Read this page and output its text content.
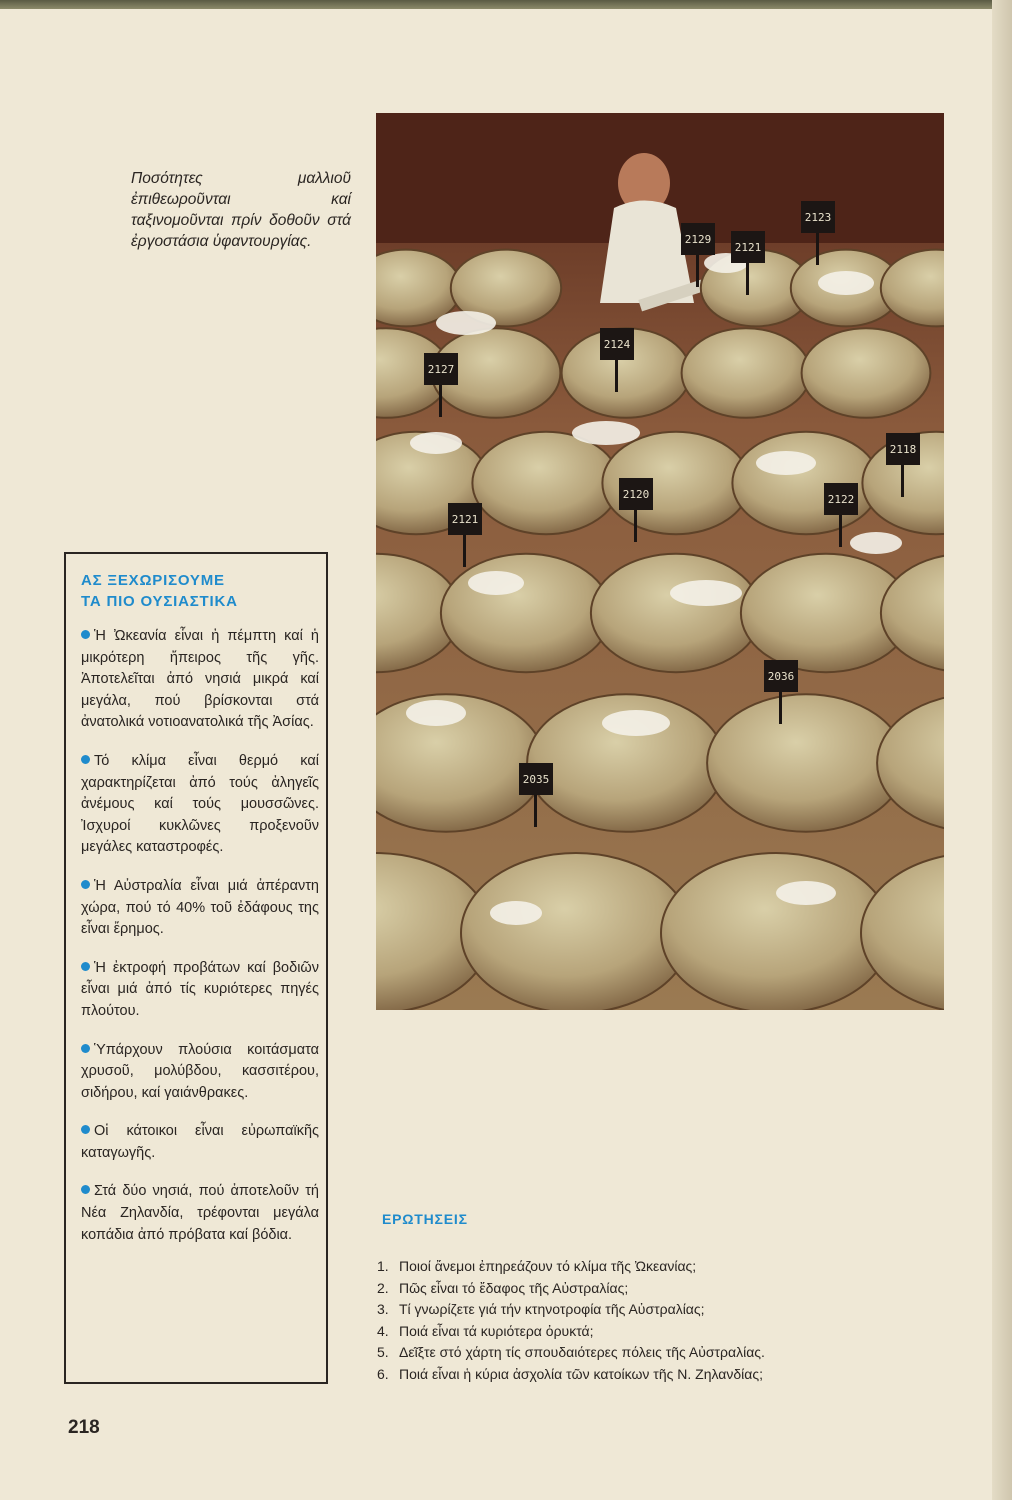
Ποσότητες μαλλιοῦ ἐπιθεωροῦνται καί ταξινομοῦνται πρίν δοθοῦν στά ἐργοστάσια ὑφαντουργίας.

2123
2121
2129
2124
2127
2118
2120
2121
2122
2036
2035
ΑΣ ΞΕΧΩΡΙΣΟΥΜΕ
ΤΑ ΠΙΟ ΟΥΣΙΑΣΤΙΚΑ
Ἡ Ὠκεανία εἶναι ἡ πέμπτη καί ἡ μικρότερη ἤπειρος τῆς γῆς. Ἀποτελεῖται ἀπό νησιά μικρά καί μεγάλα, πού βρίσκονται στά ἀνατολικά νοτιοανατολικά τῆς Ἀσίας.
Τό κλίμα εἶναι θερμό καί χαρακτηρίζεται ἀπό τούς ἀληγεῖς ἀνέμους καί τούς μουσσῶνες. Ἰσχυροί κυκλῶνες προξενοῦν μεγάλες καταστροφές.
Ἡ Αὐστραλία εἶναι μιά ἀπέραντη χώρα, πού τό 40% τοῦ ἐδάφους της εἶναι ἔρημος.
Ἡ ἐκτροφή προβάτων καί βοδιῶν εἶναι μιά ἀπό τίς κυριότερες πηγές πλούτου.
Ὑπάρχουν πλούσια κοιτάσματα χρυσοῦ, μολύβδου, κασσιτέρου, σιδήρου, καί γαιάνθρακες.
Οἱ κάτοικοι εἶναι εὐρωπαϊκῆς καταγωγῆς.
Στά δύο νησιά, πού ἀποτελοῦν τή Νέα Ζηλανδία, τρέφονται μεγάλα κοπάδια ἀπό πρόβατα καί βόδια.
ΕΡΩΤΗΣΕΙΣ
1. Ποιοί ἄνεμοι ἐπηρεάζουν τό κλίμα τῆς Ὠκεανίας;
2. Πῶς εἶναι τό ἔδαφος τῆς Αὐστραλίας;
3. Τί γνωρίζετε γιά τήν κτηνοτροφία τῆς Αὐστραλίας;
4. Ποιά εἶναι τά κυριότερα ὀρυκτά;
5. Δεῖξτε στό χάρτη τίς σπουδαιότερες πόλεις τῆς Αὐστραλίας.
6. Ποιά εἶναι ἡ κύρια ἀσχολία τῶν κατοίκων τῆς Ν. Ζηλανδίας;
218
